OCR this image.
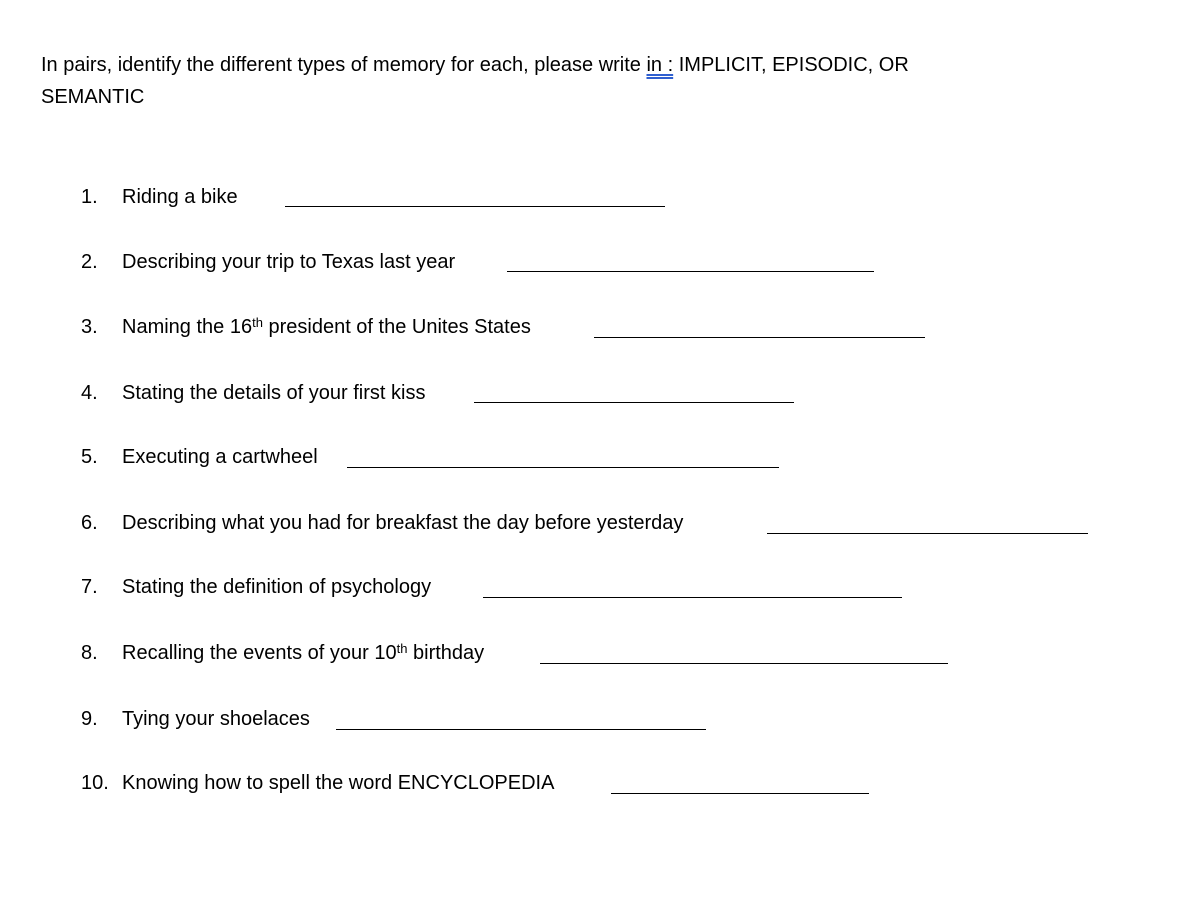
In pairs, identify the different types of memory for each, please write in : IMPLICIT, EPISODIC, OR
SEMANTIC
1. Riding a bike
2. Describing your trip to Texas last year
3. Naming the 16th president of the Unites States
4. Stating the details of your first kiss
5. Executing a cartwheel
6. Describing what you had for breakfast the day before yesterday
7. Stating the definition of psychology
8. Recalling the events of your 10th birthday
9. Tying your shoelaces
10. Knowing how to spell the word ENCYCLOPEDIA
